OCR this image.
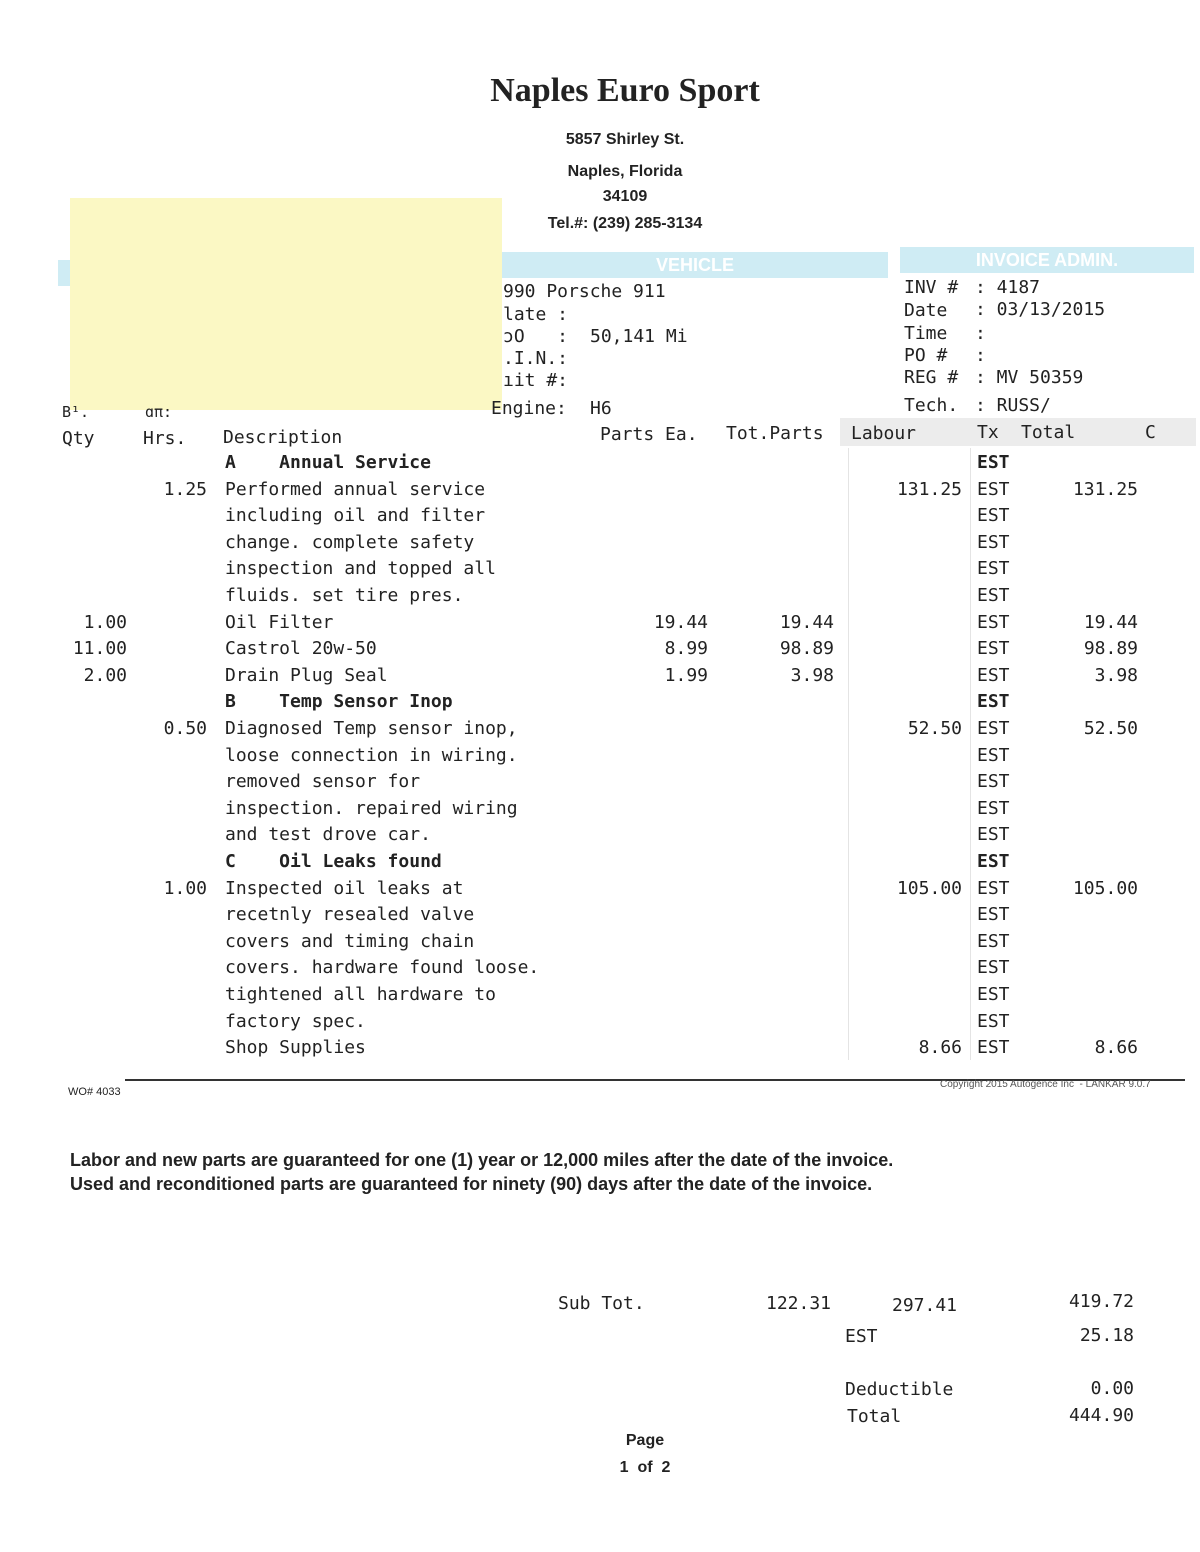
Naples Euro Sport
5857 Shirley St.
Naples, Florida
34109
Tel.#: (239) 285-3134
VEHICLE	INVOICE ADMIN.
990 Porsche 911
late :
ɔO   : 50,141 Mi
.I.N.:
ıit #:
Engine: H6
INV # : 4187
Date : 03/13/2015
Time :
PO # :
REG # : MV 50359
Tech. : RUSS/
B¹.	ɑπ:
Qty	Hrs. Description	Parts Ea. Tot.Parts Labour	Tx Total	C
A    Annual Service	EST
1.25 Performed annual service	131.25 EST	131.25
including oil and filter	EST
change. complete safety	EST
inspection and topped all	EST
fluids. set tire pres.	EST
1.00	Oil Filter	19.44	19.44	EST	19.44
11.00	Castrol 20w-50	8.99	98.89	EST	98.89
2.00	Drain Plug Seal	1.99	3.98	EST	3.98
B    Temp Sensor Inop	EST
0.50 Diagnosed Temp sensor inop,	52.50 EST	52.50
loose connection in wiring.	EST
removed sensor for	EST
inspection. repaired wiring	EST
and test drove car.	EST
C    Oil Leaks found	EST
1.00 Inspected oil leaks at	105.00 EST	105.00
recetnly resealed valve	EST
covers and timing chain	EST
covers. hardware found loose.	EST
tightened all hardware to	EST
factory spec.	EST
Shop Supplies	8.66 EST	8.66
WO# 4033
Copyright 2015 Autogence Inc  - LANKAR 9.0.7
Labor and new parts are guaranteed for one (1) year or 12,000 miles after the date of the invoice.
Used and reconditioned parts are guaranteed for ninety (90) days after the date of the invoice.
Sub Tot.	122.31	297.41	419.72
EST	25.18
Deductible	0.00
Total	444.90
Page
1  of  2
